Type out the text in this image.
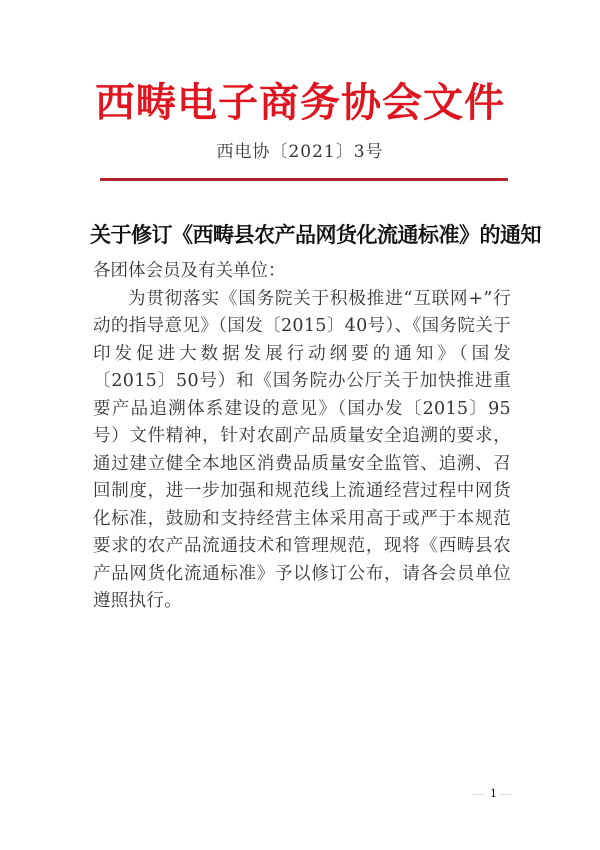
西畴电子商务协会文件
西电协〔2021〕3号
关于修订《西畴县农产品网货化流通标准》的通知

各团体会员及有关单位：

为贯彻落实《国务院关于积极推进“互联网+”行动的指导意见》（国发〔2015〕40号）、《国务院关于印发促进大数据发展行动纲要的通知》（国发〔2015〕50号）和《国务院办公厅关于加快推进重要产品追溯体系建设的意见》（国办发〔2015〕95号）文件精神，针对农副产品质量安全追溯的要求，通过建立健全本地区消费品质量安全监管、追溯、召回制度，进一步加强和规范线上流通经营过程中网货化标准，鼓励和支持经营主体采用高于或严于本规范要求的农产品流通技术和管理规范，现将《西畴县农产品网货化流通标准》予以修订公布，请各会员单位遵照执行。

1
